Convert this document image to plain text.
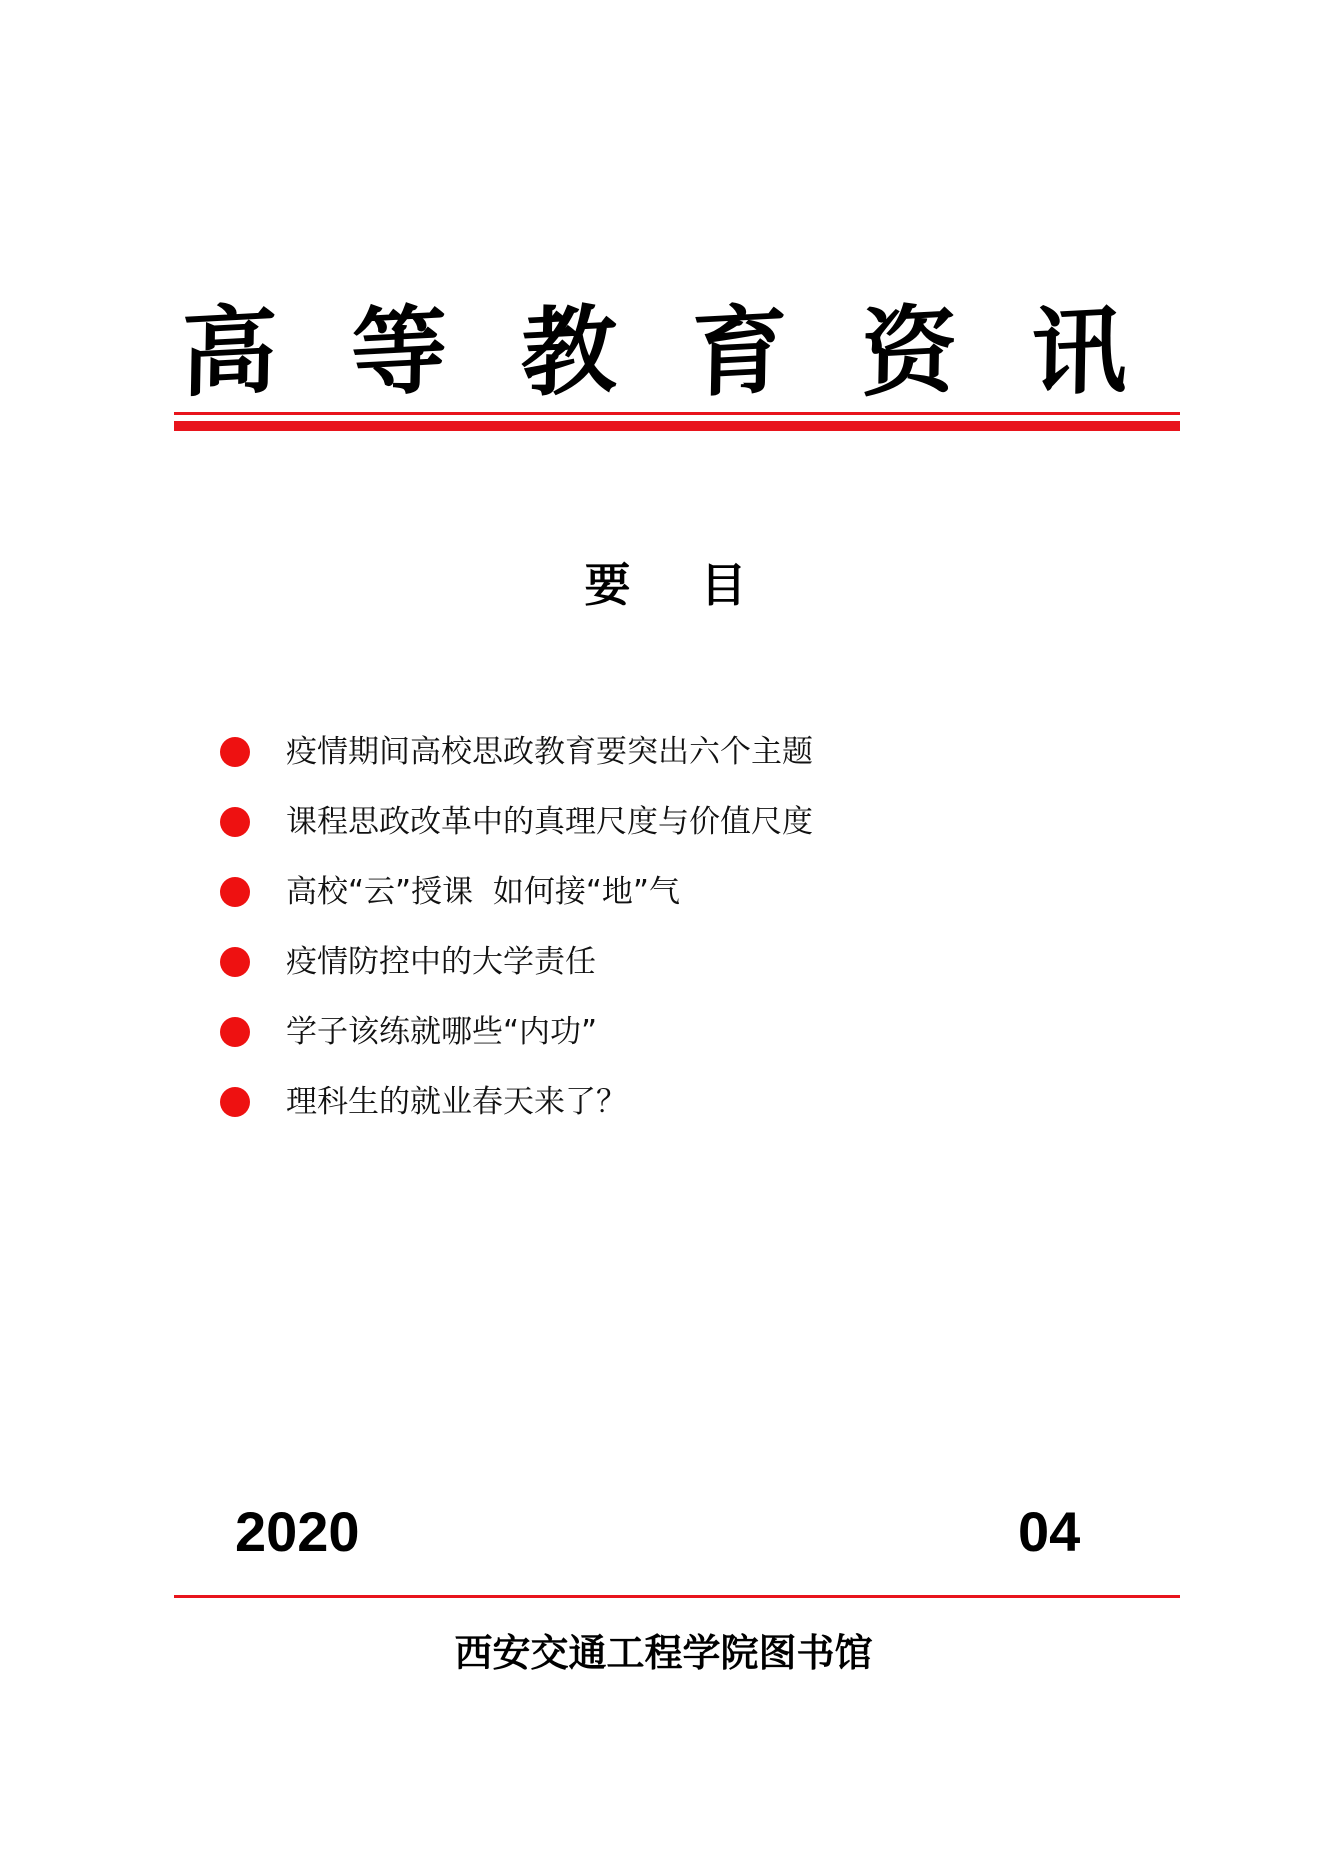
高 等 教 育 资 讯
要目
疫情期间高校思政教育要突出六个主题
课程思政改革中的真理尺度与价值尺度
高校“云”授课  如何接“地”气
疫情防控中的大学责任
学子该练就哪些“内功”
理科生的就业春天来了？
2020	04
西安交通工程学院图书馆
